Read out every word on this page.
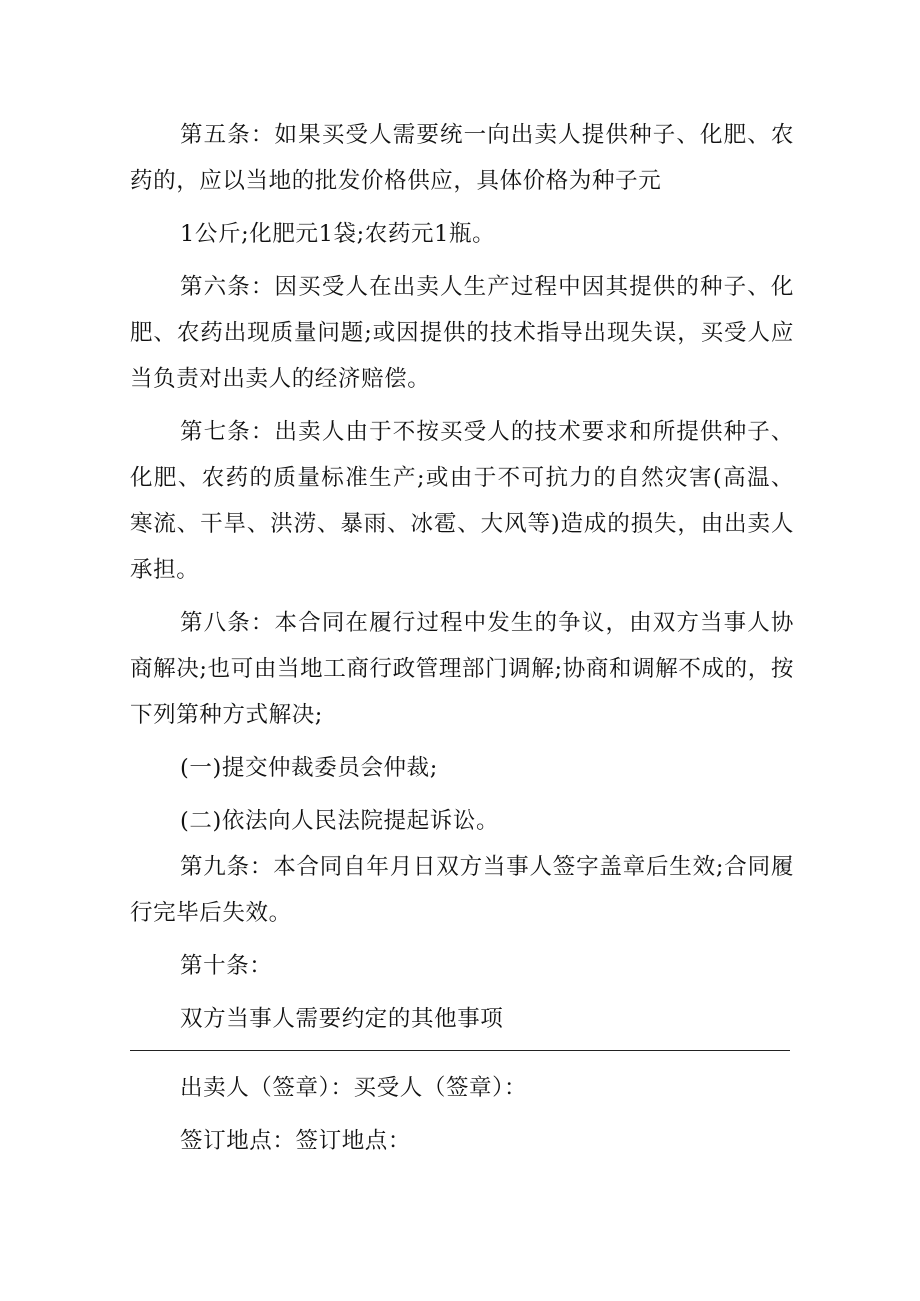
第五条：如果买受人需要统一向出卖人提供种子、化肥、农药的，应以当地的批发价格供应，具体价格为种子元

1公斤;化肥元1袋;农药元1瓶。

第六条：因买受人在出卖人生产过程中因其提供的种子、化肥、农药出现质量问题;或因提供的技术指导出现失误，买受人应当负责对出卖人的经济赔偿。

第七条：出卖人由于不按买受人的技术要求和所提供种子、化肥、农药的质量标准生产;或由于不可抗力的自然灾害(高温、寒流、干旱、洪涝、暴雨、冰雹、大风等)造成的损失，由出卖人承担。

第八条：本合同在履行过程中发生的争议，由双方当事人协商解决;也可由当地工商行政管理部门调解;协商和调解不成的，按下列第种方式解决;

(一)提交仲裁委员会仲裁;

(二)依法向人民法院提起诉讼。

第九条：本合同自年月日双方当事人签字盖章后生效;合同履行完毕后失效。

第十条：

双方当事人需要约定的其他事项

出卖人（签章）：买受人（签章）：

签订地点：签订地点：
